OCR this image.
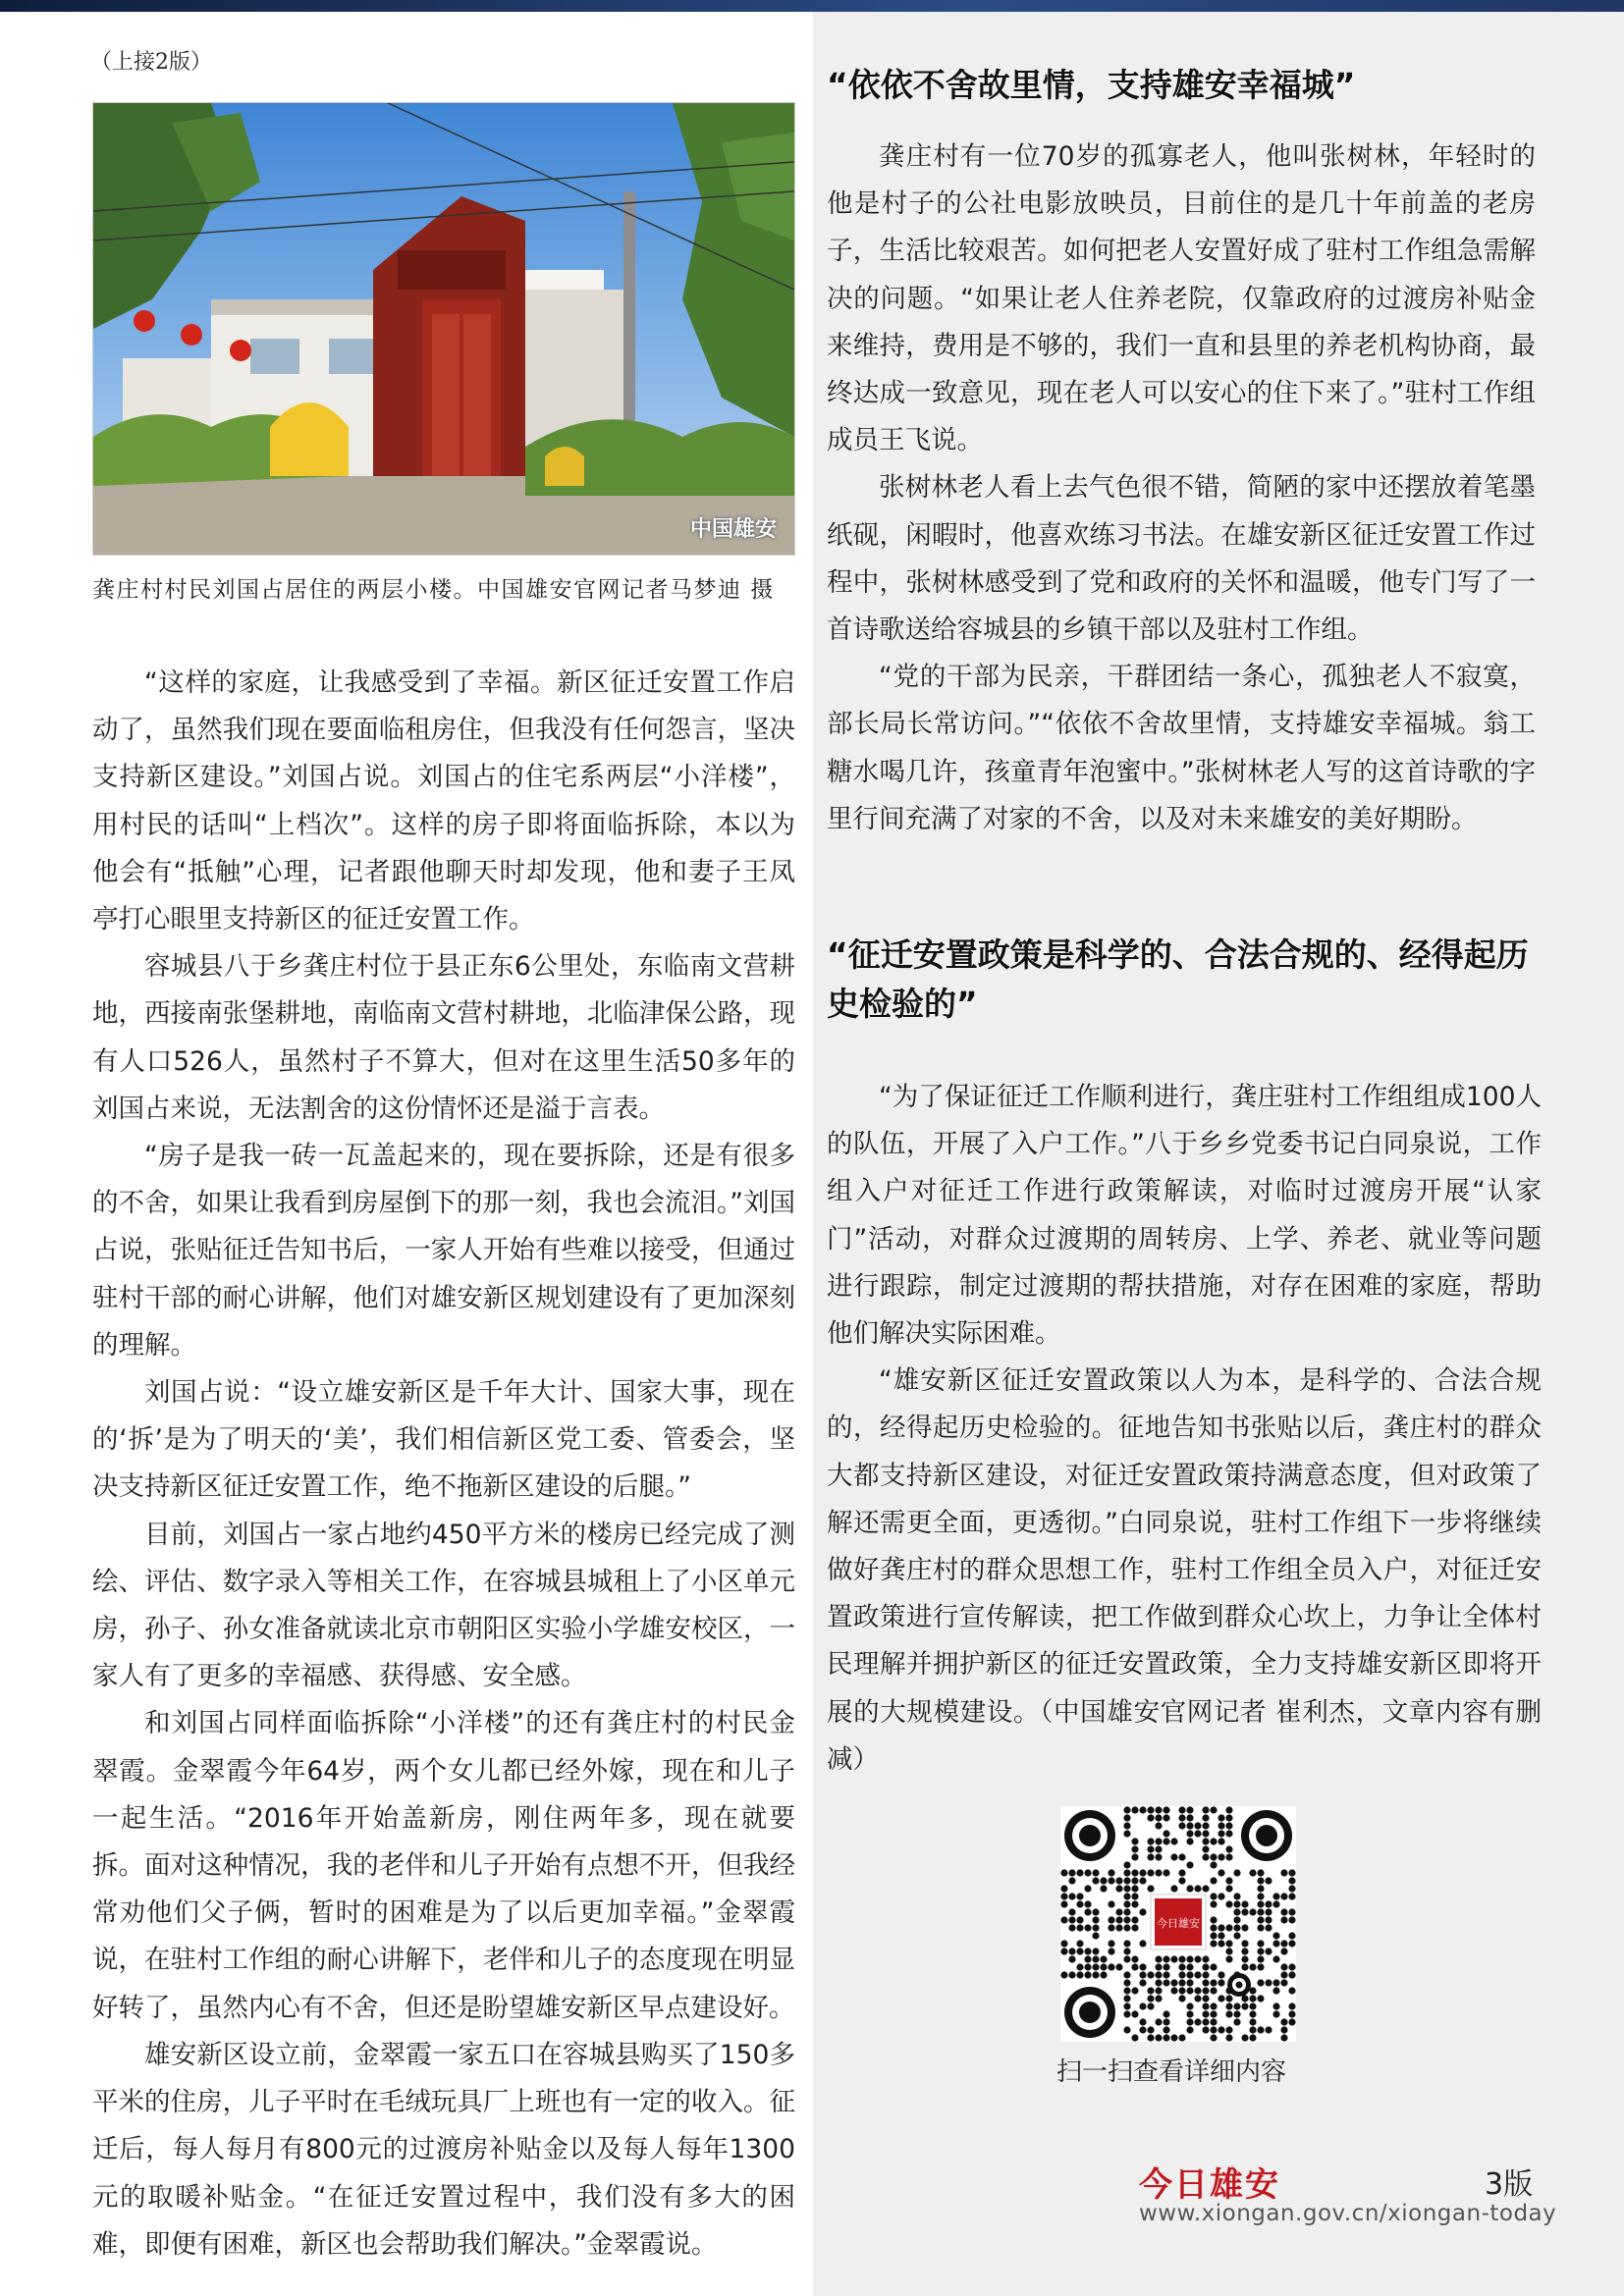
（上接2版）
中国雄安
龚庄村村民刘国占居住的两层小楼。中国雄安官网记者马梦迪 摄

“这样的家庭，让我感受到了幸福。新区征迁安置工作启动了，虽然我们现在要面临租房住，但我没有任何怨言，坚决支持新区建设。”刘国占说。刘国占的住宅系两层“小洋楼”，用村民的话叫“上档次”。这样的房子即将面临拆除，本以为他会有“抵触”心理，记者跟他聊天时却发现，他和妻子王凤亭打心眼里支持新区的征迁安置工作。

容城县八于乡龚庄村位于县正东6公里处，东临南文营耕地，西接南张堡耕地，南临南文营村耕地，北临津保公路，现有人口526人，虽然村子不算大，但对在这里生活50多年的刘国占来说，无法割舍的这份情怀还是溢于言表。

“房子是我一砖一瓦盖起来的，现在要拆除，还是有很多的不舍，如果让我看到房屋倒下的那一刻，我也会流泪。”刘国占说，张贴征迁告知书后，一家人开始有些难以接受，但通过驻村干部的耐心讲解，他们对雄安新区规划建设有了更加深刻的理解。

刘国占说：“设立雄安新区是千年大计、国家大事，现在的‘拆’是为了明天的‘美’，我们相信新区党工委、管委会，坚决支持新区征迁安置工作，绝不拖新区建设的后腿。”

目前，刘国占一家占地约450平方米的楼房已经完成了测绘、评估、数字录入等相关工作，在容城县城租上了小区单元房，孙子、孙女准备就读北京市朝阳区实验小学雄安校区，一家人有了更多的幸福感、获得感、安全感。

和刘国占同样面临拆除“小洋楼”的还有龚庄村的村民金翠霞。金翠霞今年64岁，两个女儿都已经外嫁，现在和儿子一起生活。“2016年开始盖新房，刚住两年多，现在就要拆。面对这种情况，我的老伴和儿子开始有点想不开，但我经常劝他们父子俩，暂时的困难是为了以后更加幸福。”金翠霞说，在驻村工作组的耐心讲解下，老伴和儿子的态度现在明显好转了，虽然内心有不舍，但还是盼望雄安新区早点建设好。

雄安新区设立前，金翠霞一家五口在容城县购买了150多平米的住房，儿子平时在毛绒玩具厂上班也有一定的收入。征迁后，每人每月有800元的过渡房补贴金以及每人每年1300元的取暖补贴金。“在征迁安置过程中，我们没有多大的困难，即便有困难，新区也会帮助我们解决。”金翠霞说。

“依依不舍故里情，支持雄安幸福城”

龚庄村有一位70岁的孤寡老人，他叫张树林，年轻时的他是村子的公社电影放映员，目前住的是几十年前盖的老房子，生活比较艰苦。如何把老人安置好成了驻村工作组急需解决的问题。“如果让老人住养老院，仅靠政府的过渡房补贴金来维持，费用是不够的，我们一直和县里的养老机构协商，最终达成一致意见，现在老人可以安心的住下来了。”驻村工作组成员王飞说。

张树林老人看上去气色很不错，简陋的家中还摆放着笔墨纸砚，闲暇时，他喜欢练习书法。在雄安新区征迁安置工作过程中，张树林感受到了党和政府的关怀和温暖，他专门写了一首诗歌送给容城县的乡镇干部以及驻村工作组。

“党的干部为民亲，干群团结一条心，孤独老人不寂寞，部长局长常访问。”“依依不舍故里情，支持雄安幸福城。翁工糖水喝几许，孩童青年泡蜜中。”张树林老人写的这首诗歌的字里行间充满了对家的不舍，以及对未来雄安的美好期盼。

“征迁安置政策是科学的、合法合规的、经得起历史检验的”

“为了保证征迁工作顺利进行，龚庄驻村工作组组成100人的队伍，开展了入户工作。”八于乡乡党委书记白同泉说，工作组入户对征迁工作进行政策解读，对临时过渡房开展“认家门”活动，对群众过渡期的周转房、上学、养老、就业等问题进行跟踪，制定过渡期的帮扶措施，对存在困难的家庭，帮助他们解决实际困难。

“雄安新区征迁安置政策以人为本，是科学的、合法合规的，经得起历史检验的。征地告知书张贴以后，龚庄村的群众大都支持新区建设，对征迁安置政策持满意态度，但对政策了解还需更全面，更透彻。”白同泉说，驻村工作组下一步将继续做好龚庄村的群众思想工作，驻村工作组全员入户，对征迁安置政策进行宣传解读，把工作做到群众心坎上，力争让全体村民理解并拥护新区的征迁安置政策，全力支持雄安新区即将开展的大规模建设。（中国雄安官网记者 崔利杰，文章内容有删减）

今日雄安
扫一扫查看详细内容
今日雄安	3版
www.xiongan.gov.cn/xiongan-today
